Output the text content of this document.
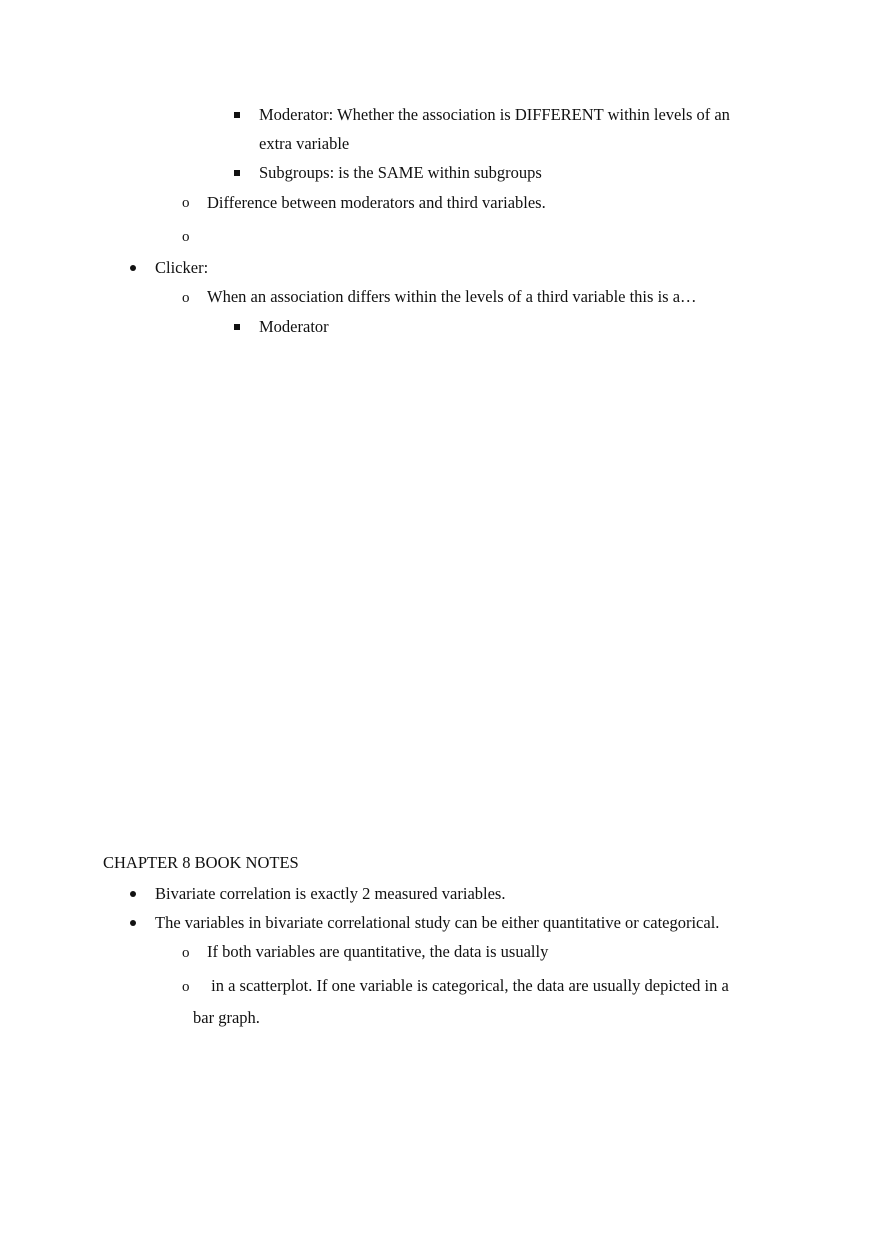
Moderator: Whether the association is DIFFERENT within levels of an
extra variable
Subgroups: is the SAME within subgroups
o Difference between moderators and third variables.
o
Clicker:
o When an association differs within the levels of a third variable this is a…
Moderator
CHAPTER 8 BOOK NOTES
Bivariate correlation is exactly 2 measured variables.
The variables in bivariate correlational study can be either quantitative or categorical.
o If both variables are quantitative, the data is usually
o in a scatterplot. If one variable is categorical, the data are usually depicted in a
bar graph.
